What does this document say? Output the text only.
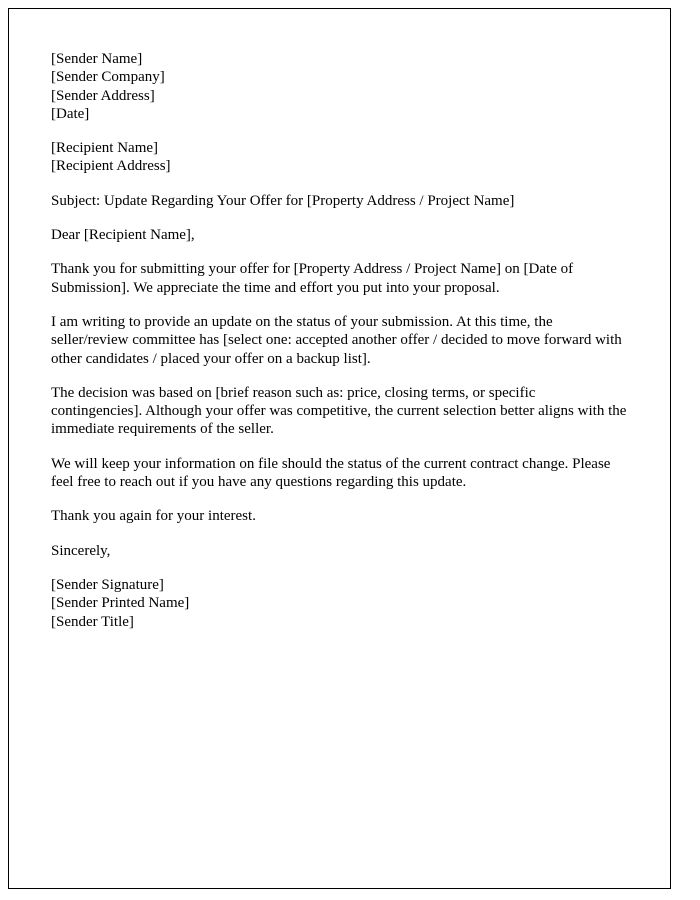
[Sender Name]
[Sender Company]
[Sender Address]
[Date]
[Recipient Name]
[Recipient Address]

Subject: Update Regarding Your Offer for [Property Address / Project Name]

Dear [Recipient Name],

Thank you for submitting your offer for [Property Address / Project Name] on [Date of Submission]. We appreciate the time and effort you put into your proposal.

I am writing to provide an update on the status of your submission. At this time, the seller/review committee has [select one: accepted another offer / decided to move forward with other candidates / placed your offer on a backup list].

The decision was based on [brief reason such as: price, closing terms, or specific contingencies]. Although your offer was competitive, the current selection better aligns with the immediate requirements of the seller.

We will keep your information on file should the status of the current contract change. Please feel free to reach out if you have any questions regarding this update.

Thank you again for your interest.

Sincerely,

[Sender Signature]
[Sender Printed Name]
[Sender Title]
